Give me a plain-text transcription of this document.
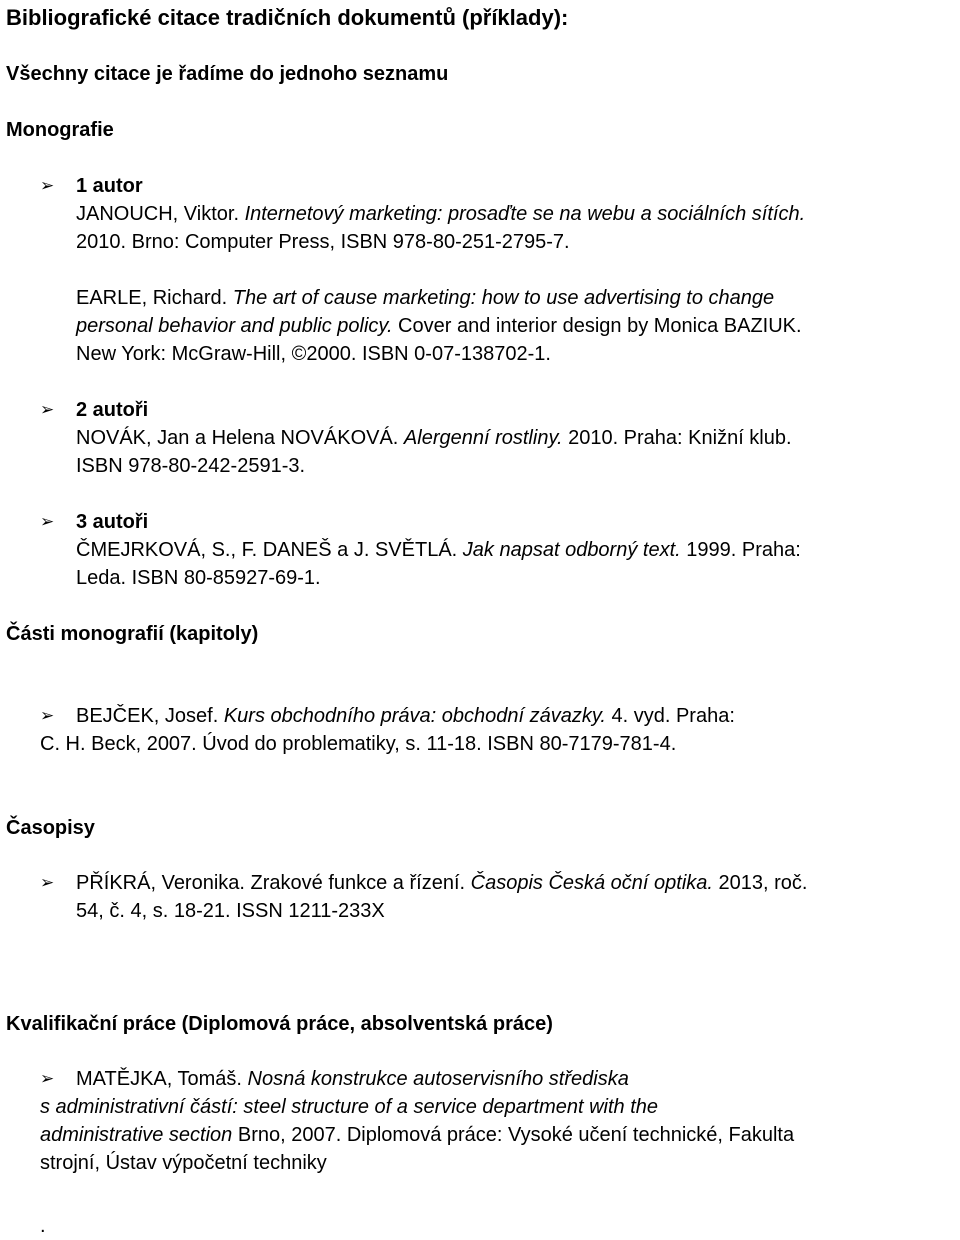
Bibliografické citace tradičních dokumentů (příklady):
Všechny citace je řadíme do jednoho seznamu
Monografie
➢ 1 autor
JANOUCH, Viktor. Internetový marketing: prosaďte se na webu a sociálních sítích.
2010. Brno: Computer Press, ISBN 978-80-251-2795-7.
EARLE, Richard. The art of cause marketing: how to use advertising to change
personal behavior and public policy. Cover and interior design by Monica BAZIUK.
New York: McGraw-Hill, ©2000. ISBN 0-07-138702-1.
➢ 2 autoři
NOVÁK, Jan a Helena NOVÁKOVÁ. Alergenní rostliny. 2010. Praha: Knižní klub.
ISBN 978-80-242-2591-3.
➢ 3 autoři
ČMEJRKOVÁ, S., F. DANEŠ a J. SVĚTLÁ. Jak napsat odborný text. 1999. Praha:
Leda. ISBN 80-85927-69-1.
Části monografií (kapitoly)
➢ BEJČEK, Josef. Kurs obchodního práva: obchodní závazky. 4. vyd. Praha:
C. H. Beck, 2007. Úvod do problematiky, s. 11-18. ISBN 80-7179-781-4.
Časopisy
➢ PŘÍKRÁ, Veronika. Zrakové funkce a řízení. Časopis Česká oční optika. 2013, roč.
54, č. 4, s. 18-21. ISSN 1211-233X
Kvalifikační práce (Diplomová práce, absolventská práce)
➢ MATĚJKA, Tomáš. Nosná konstrukce autoservisního střediska
s administrativní částí: steel structure of a service department with the
administrative section Brno, 2007. Diplomová práce: Vysoké učení technické, Fakulta
strojní, Ústav výpočetní techniky
.
